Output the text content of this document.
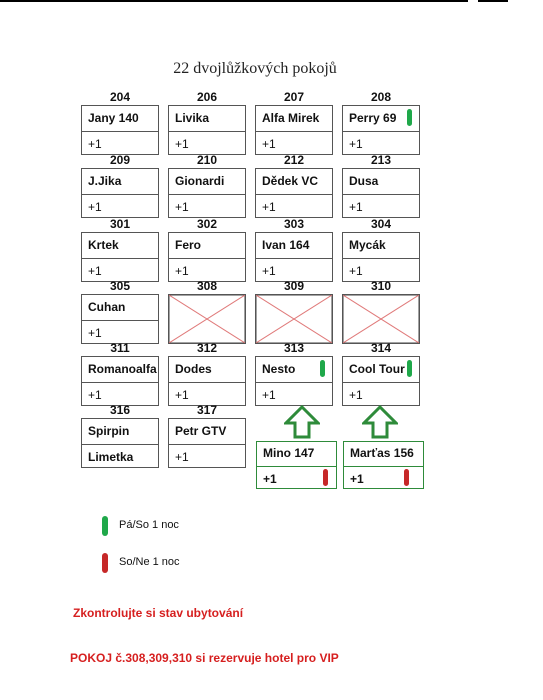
22 dvojlůžkových pokojů
204
Jany 140
+1
206
Livika
+1
207
Alfa Mirek
+1
208
Perry 69
+1
209
J.Jika
+1
210
Gionardi
+1
212
Dědek VC
+1
213
Dusa
+1
301
Krtek
+1
302
Fero
+1
303
Ivan 164
+1
304
Mycák
+1
305
Cuhan
+1
308	309	310
311
Romanoalfa
+1
312
Dodes
+1
313
Nesto
+1
314
Cool Tour
+1
316
Spirpin
Limetka
317
Petr GTV
+1	Mino 147
+1
Marťas 156
+1
Pá/So 1 noc
So/Ne 1 noc
Zkontrolujte si stav ubytování
POKOJ č.308,309,310 si rezervuje hotel pro VIP
